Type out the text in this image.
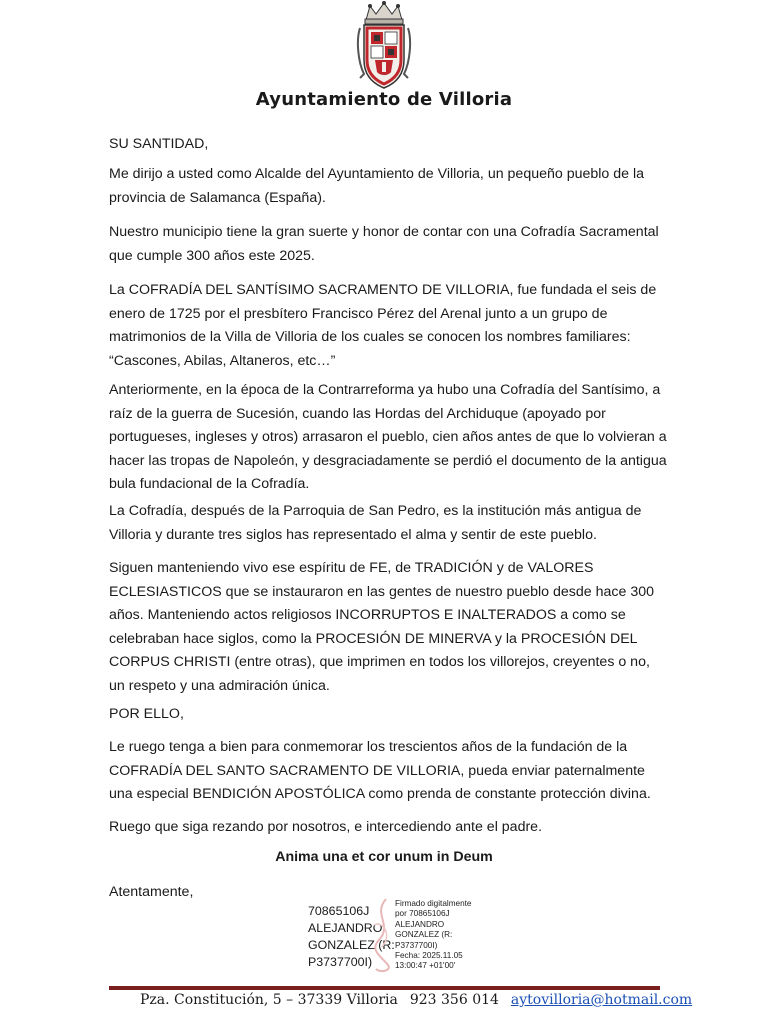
Ayuntamiento de Villoria
SU SANTIDAD,
Me dirijo a usted como Alcalde del Ayuntamiento de Villoria, un pequeño pueblo de la provincia de Salamanca (España).
Nuestro municipio tiene la gran suerte y honor de contar con una Cofradía Sacramental que cumple 300 años este 2025.
La COFRADÍA DEL SANTÍSIMO SACRAMENTO DE VILLORIA, fue fundada el seis de enero de 1725 por el presbítero Francisco Pérez del Arenal junto a un grupo de matrimonios de la Villa de Villoria de los cuales se conocen los nombres familiares: “Cascones, Abilas, Altaneros, etc…”
Anteriormente, en la época de la Contrarreforma ya hubo una Cofradía del Santísimo, a raíz de la guerra de Sucesión, cuando las Hordas del Archiduque (apoyado por portugueses, ingleses y otros) arrasaron el pueblo, cien años antes de que lo volvieran a hacer las tropas de Napoleón, y desgraciadamente se perdió el documento de la antigua bula fundacional de la Cofradía.
La Cofradía, después de la Parroquia de San Pedro, es la institución más antigua de Villoria y durante tres siglos has representado el alma y sentir de este pueblo.
Siguen manteniendo vivo ese espíritu de FE, de TRADICIÓN y de VALORES ECLESIASTICOS que se instauraron en las gentes de nuestro pueblo desde hace 300 años. Manteniendo actos religiosos INCORRUPTOS E INALTERADOS a como se celebraban hace siglos, como la PROCESIÓN DE MINERVA y la PROCESIÓN DEL CORPUS CHRISTI (entre otras), que imprimen en todos los villorejos, creyentes o no, un respeto y una admiración única.
POR ELLO,
Le ruego tenga a bien para conmemorar los trescientos años de la fundación de la COFRADÍA DEL SANTO SACRAMENTO DE VILLORIA, pueda enviar paternalmente una especial BENDICIÓN APOSTÓLICA como prenda de constante protección divina.
Ruego que siga rezando por nosotros, e intercediendo ante el padre.
Anima una et cor unum in Deum
Atentamente,
70865106J
ALEJANDRO
GONZALEZ (R:
P3737700I)
Firmado digitalmente
por 70865106J
ALEJANDRO
GONZALEZ (R:
P3737700I)
Fecha: 2025.11.05
13:00:47 +01'00'
Pza. Constitución, 5 – 37339 Villoria 923 356 014 aytovilloria@hotmail.com
